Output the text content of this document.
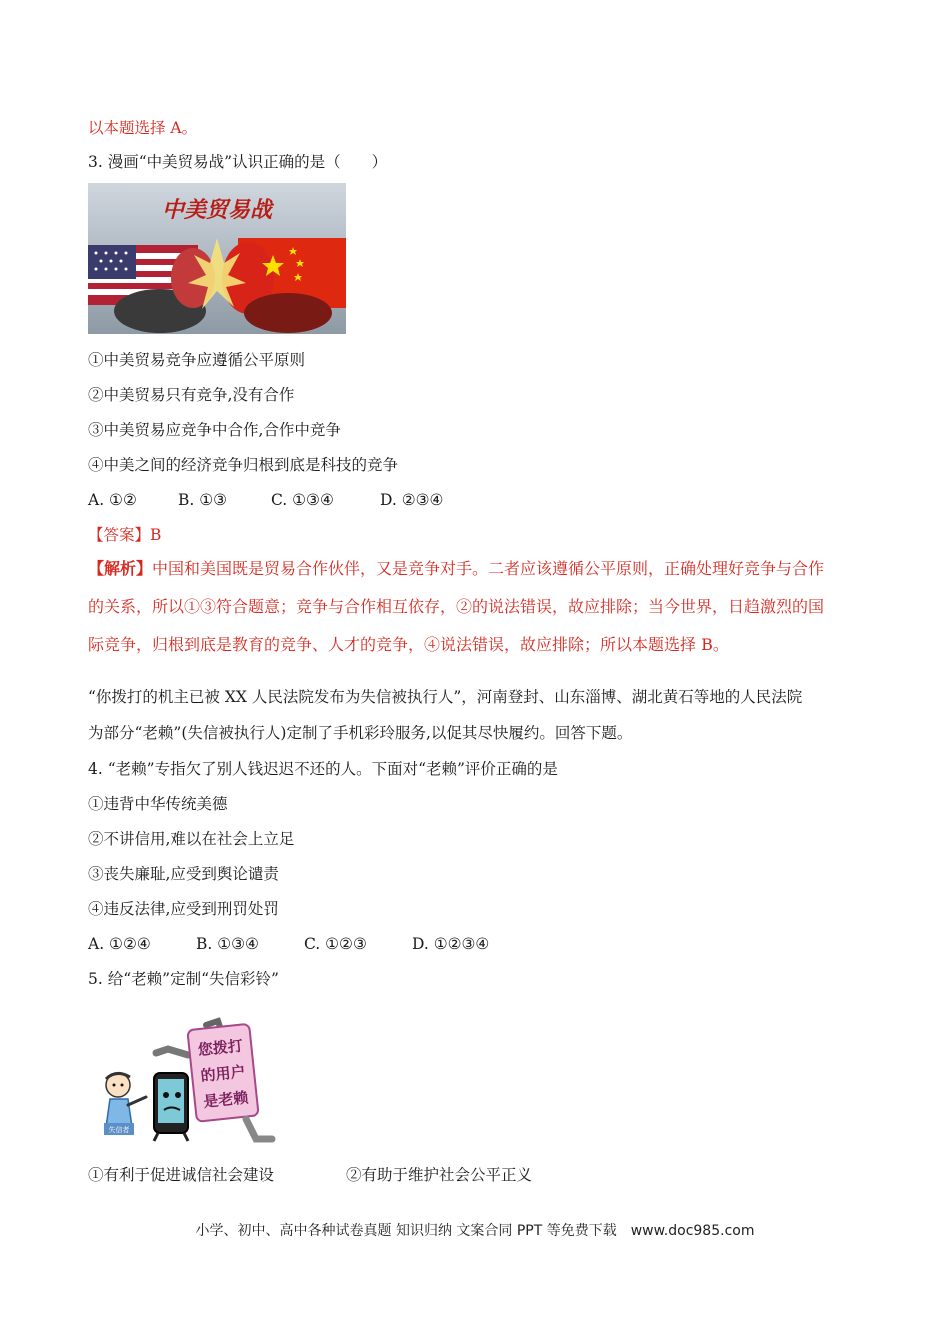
以本题选择 A。
3. 漫画“中美贸易战”认识正确的是（　　）
中美贸易战
①中美贸易竞争应遵循公平原则
②中美贸易只有竞争,没有合作
③中美贸易应竞争中合作,合作中竞争
④中美之间的经济竞争归根到底是科技的竞争
A. ①②	B. ①③	C. ①③④	D. ②③④
【答案】B
【解析】中国和美国既是贸易合作伙伴，又是竞争对手。二者应该遵循公平原则，正确处理好竞争与合作
的关系，所以①③符合题意；竞争与合作相互依存，②的说法错误，故应排除；当今世界，日趋激烈的国
际竞争，归根到底是教育的竞争、人才的竞争，④说法错误，故应排除；所以本题选择 B。
“你拨打的机主已被 XX 人民法院发布为失信被执行人”，河南登封、山东淄博、湖北黄石等地的人民法院
为部分“老赖”(失信被执行人)定制了手机彩玲服务,以促其尽快履约。回答下题。
4. “老赖”专指欠了别人钱迟迟不还的人。下面对“老赖”评价正确的是
①违背中华传统美德
②不讲信用,难以在社会上立足
③丧失廉耻,应受到舆论谴责
④违反法律,应受到刑罚处罚
A. ①②④	B. ①③④	C. ①②③	D. ①②③④
5. 给“老赖”定制“失信彩铃”
您拨打
的用户
是老赖
失信者
①有利于促进诚信社会建设	②有助于维护社会公平正义
小学、初中、高中各种试卷真题 知识归纳 文案合同 PPT 等免费下载　www.doc985.com
